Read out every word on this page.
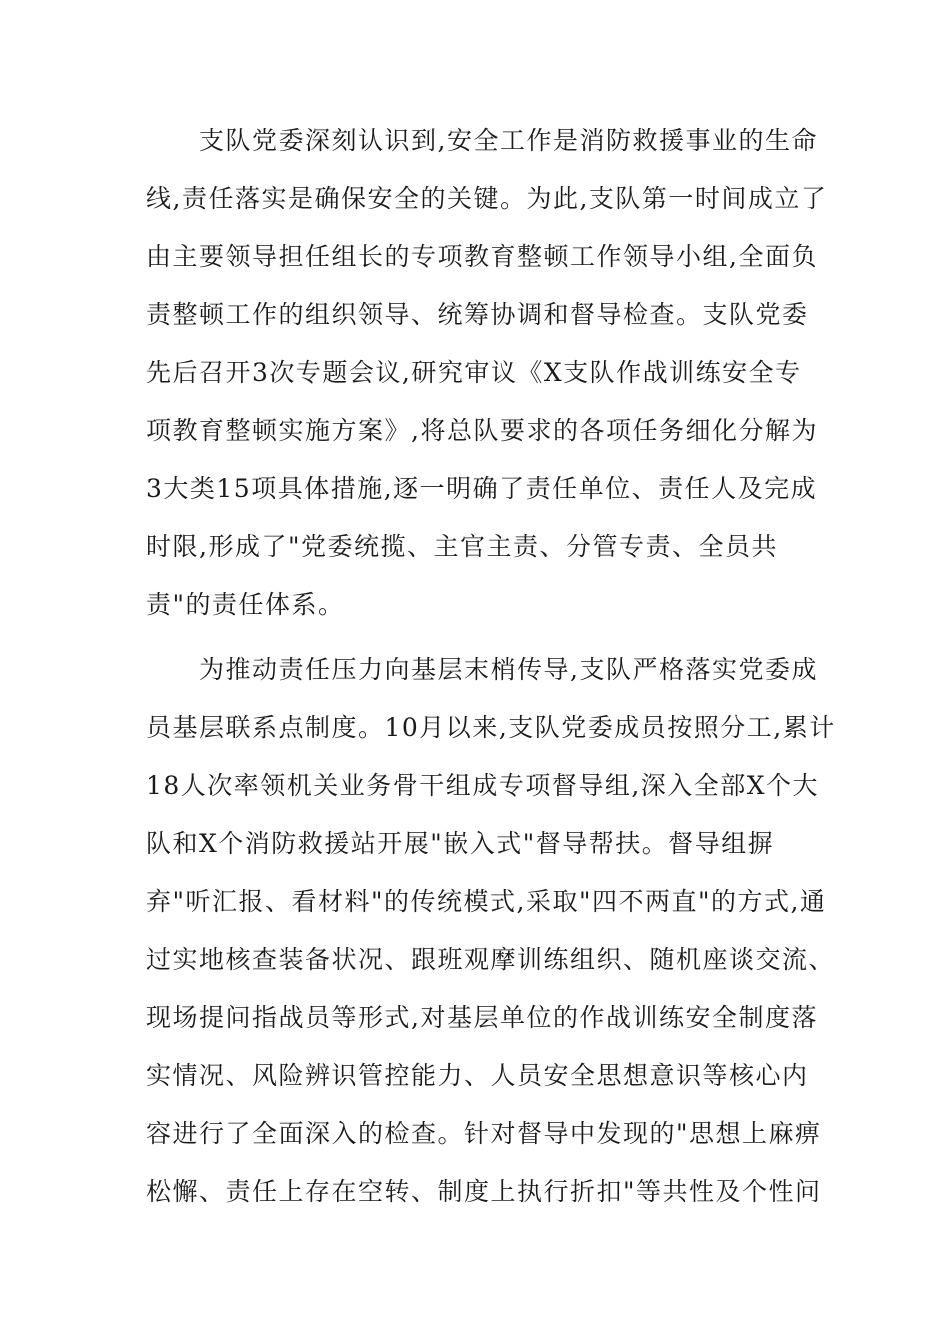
　　支队党委深刻认识到,安全工作是消防救援事业的生命
线,责任落实是确保安全的关键。为此,支队第一时间成立了
由主要领导担任组长的专项教育整顿工作领导小组,全面负
责整顿工作的组织领导、统筹协调和督导检查。支队党委
先后召开3次专题会议,研究审议《X支队作战训练安全专
项教育整顿实施方案》,将总队要求的各项任务细化分解为
3大类15项具体措施,逐一明确了责任单位、责任人及完成
时限,形成了"党委统揽、主官主责、分管专责、全员共
责"的责任体系。
　　为推动责任压力向基层末梢传导,支队严格落实党委成
员基层联系点制度。10月以来,支队党委成员按照分工,累计
18人次率领机关业务骨干组成专项督导组,深入全部X个大
队和X个消防救援站开展"嵌入式"督导帮扶。督导组摒
弃"听汇报、看材料"的传统模式,采取"四不两直"的方式,通
过实地核查装备状况、跟班观摩训练组织、随机座谈交流、
现场提问指战员等形式,对基层单位的作战训练安全制度落
实情况、风险辨识管控能力、人员安全思想意识等核心内
容进行了全面深入的检查。针对督导中发现的"思想上麻痹
松懈、责任上存在空转、制度上执行折扣"等共性及个性问
